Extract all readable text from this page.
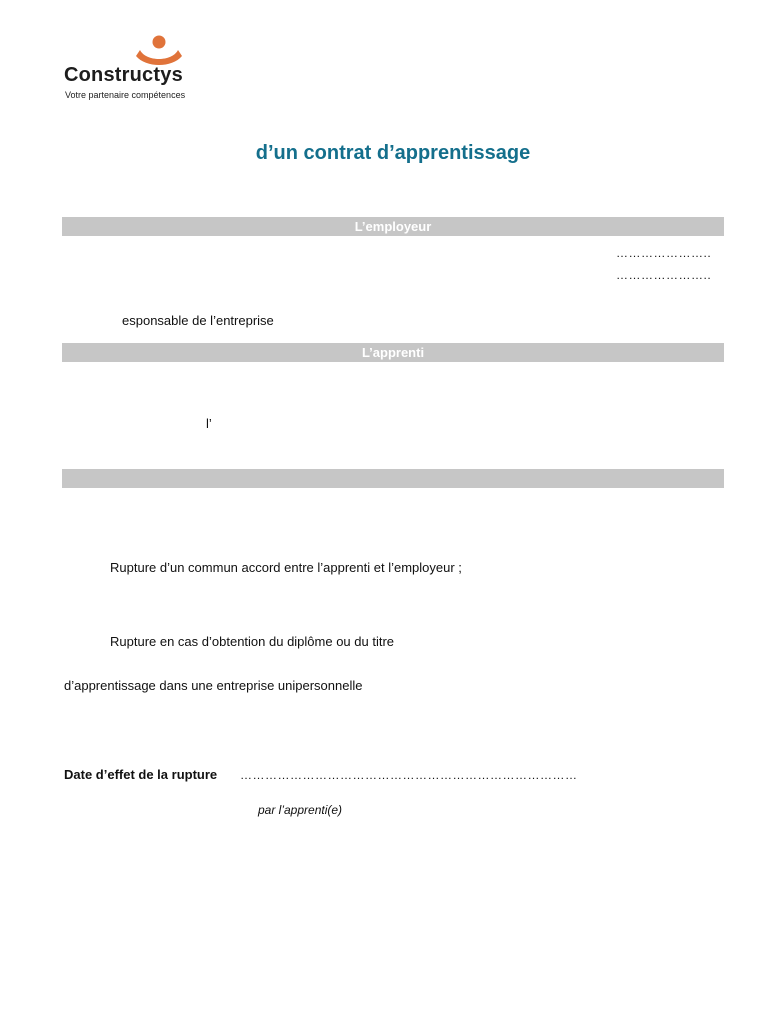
Constructys
Votre partenaire compétences
d’un contrat d’apprentissage
L’employeur
…………………..
…………………..
esponsable de l’entreprise
L’apprenti
l’
Rupture d’un commun accord entre l’apprenti et l’employeur ;
Rupture en cas d’obtention du diplôme ou du titre
d’apprentissage dans une entreprise unipersonnelle
Date d’effet de la rupture ………………………………………………………………………
par l’apprenti(e)
